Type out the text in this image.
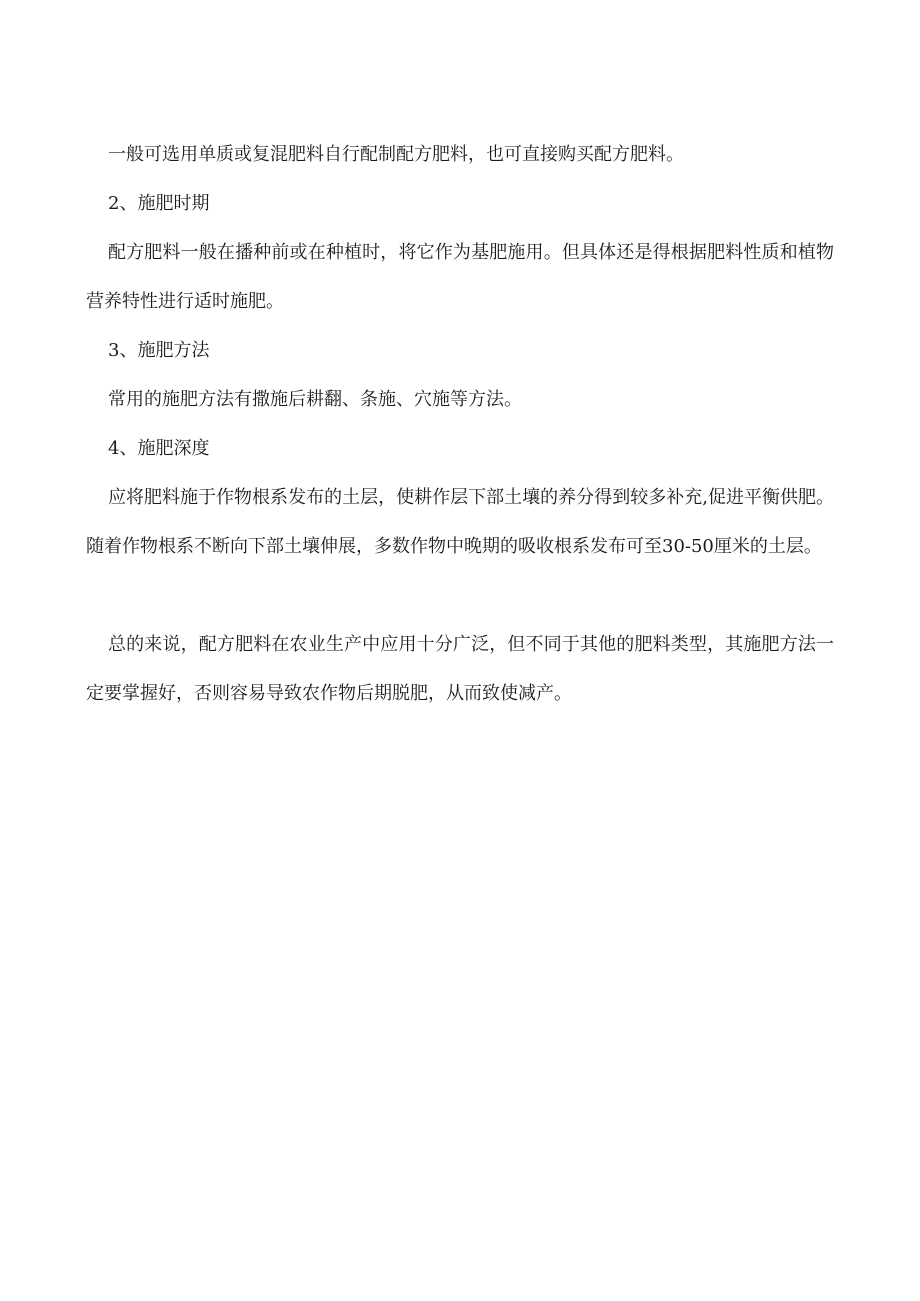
一般可选用单质或复混肥料自行配制配方肥料，也可直接购买配方肥料。

2、施肥时期

配方肥料一般在播种前或在种植时，将它作为基肥施用。但具体还是得根据肥料性质和植物营养特性进行适时施肥。

3、施肥方法

常用的施肥方法有撒施后耕翻、条施、穴施等方法。

4、施肥深度

应将肥料施于作物根系发布的土层，使耕作层下部土壤的养分得到较多补充,促进平衡供肥。随着作物根系不断向下部土壤伸展，多数作物中晚期的吸收根系发布可至30-50厘米的土层。

总的来说，配方肥料在农业生产中应用十分广泛，但不同于其他的肥料类型，其施肥方法一定要掌握好，否则容易导致农作物后期脱肥，从而致使减产。
